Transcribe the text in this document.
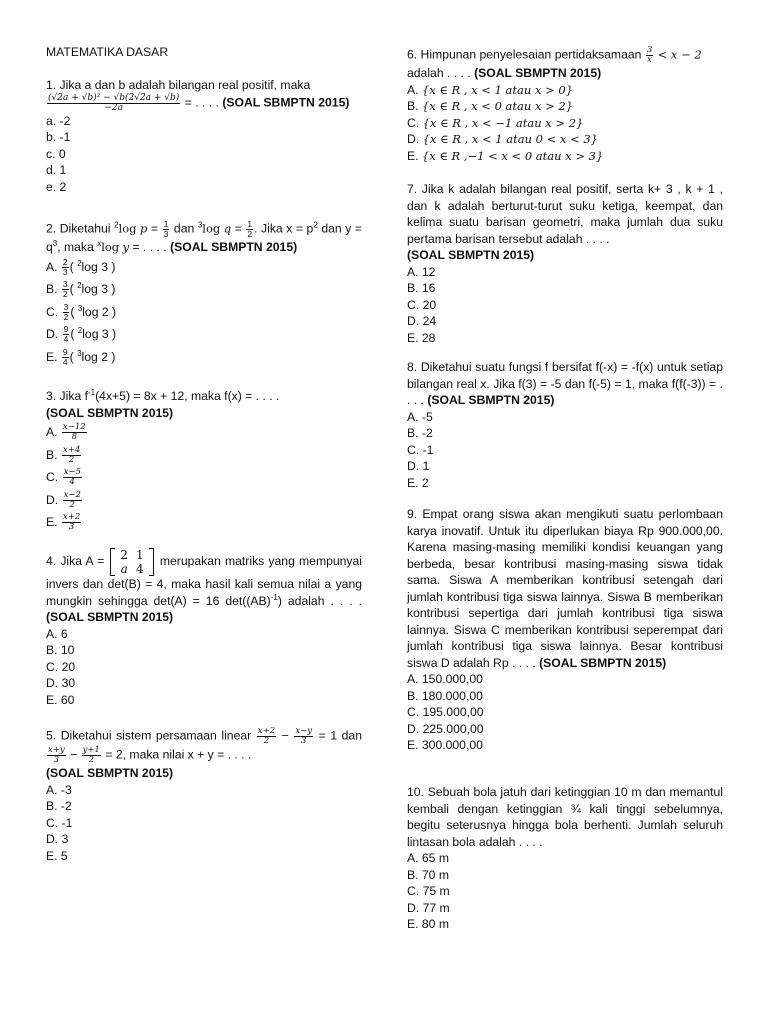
MATEMATIKA DASAR
1. Jika a dan b adalah bilangan real positif, maka

$\frac{\text{(√2a + √b)² − √b(2√2a + √b)}}{-2a}$ = . . . . (SOAL SBMPTN 2015)
a. -2
b. -1
c. 0
d. 1
e. 2
2. Diketahui $^2$log $p = \frac{1}{3}$ dan $^3$log $q = \frac{1}{2}$ . Jika $x = p^2$ dan $y = q^3$, maka $^x$log y = . . . . (SOAL SBMPTN 2015)
A. $\frac{2}{3}$ ( $^2$log 3 )
B. $\frac{3}{2}$ ( $^2$log 3 )
C. $\frac{3}{2}$ ( $^3$log 2 )
D. $\frac{9}{4}$ ( $^2$log 3 )
E. $\frac{9}{4}$ ( $^3$log 2 )
3. Jika $f^{-1}(4x+5) = 8x + 12$, maka f(x) = . . . .
(SOAL SBMPTN 2015)
A. $\frac{x-12}{8}$
B. $\frac{x+4}{2}$
C. $\frac{x-5}{4}$
D. $\frac{x-2}{2}$
E. $\frac{x+2}{3}$
4. Jika A = 2	1
a	4
merupakan matriks yang mempunyai invers dan det(B) = 4, maka hasil kali semua nilai a yang mungkin sehingga det(A) = 16 det((AB)$^{-1}$) adalah . . . . (SOAL SBMPTN 2015)
A. 6
B. 10
C. 20
D. 30
E. 60
5. Diketahui sistem persamaan linear $\frac{x+2}{2} - \frac{x-y}{3} = 1$ dan
$\frac{x+y}{3} - \frac{y+1}{2} = 2$, maka nilai x + y = . . . .
(SOAL SBMPTN 2015)
A. -3
B. -2
C. -1
D. 3
E. 5
6. Himpunan penyelesaian pertidaksamaan $\frac{3}{x} < x - 2$
adalah . . . . (SOAL SBMPTN 2015)
A. {x ∈ R , x < 1 atau x > 0}
B. {x ∈ R , x < 0 atau x > 2}
C. {x ∈ R , x < −1 atau x > 2}
D. {x ∈ R , x < 1 atau 0 < x < 3}
E. {x ∈ R ,−1 < x < 0 atau x > 3}
7. Jika k adalah bilangan real positif, serta k+ 3 , k + 1 , dan k adalah berturut-turut suku ketiga, keempat, dan kelima suatu barisan geometri, maka jumlah dua suku pertama barisan tersebut adalah . . . .
(SOAL SBMPTN 2015)
A. 12
B. 16
C. 20
D. 24
E. 28
8. Diketahui suatu fungsi f bersifat f(-x) = -f(x) untuk setiap bilangan real x. Jika f(3) = -5 dan f(-5) = 1, maka f(f(-3)) = . . . . (SOAL SBMPTN 2015)
A. -5
B. -2
C. -1
D. 1
E. 2
9. Empat orang siswa akan mengikuti suatu perlombaan karya inovatif. Untuk itu diperlukan biaya Rp 900.000,00. Karena masing-masing memiliki kondisi keuangan yang berbeda, besar kontribusi masing-masing siswa tidak sama. Siswa A memberikan kontribusi setengah dari jumlah kontribusi tiga siswa lainnya. Siswa B memberikan kontribusi sepertiga dari jumlah kontribusi tiga siswa lainnya. Siswa C memberikan kontribusi seperempat dari jumlah kontribusi tiga siswa lainnya. Besar kontribusi siswa D adalah Rp . . . . (SOAL SBMPTN 2015)
A. 150.000,00
B. 180.000,00
C. 195.000,00
D. 225.000,00
E. 300.000,00
10. Sebuah bola jatuh dari ketinggian 10 m dan memantul kembali dengan ketinggian ¾ kali tinggi sebelumnya, begitu seterusnya hingga bola berhenti. Jumlah seluruh lintasan bola adalah . . . .
A. 65 m
B. 70 m
C. 75 m
D. 77 m
E. 80 m
